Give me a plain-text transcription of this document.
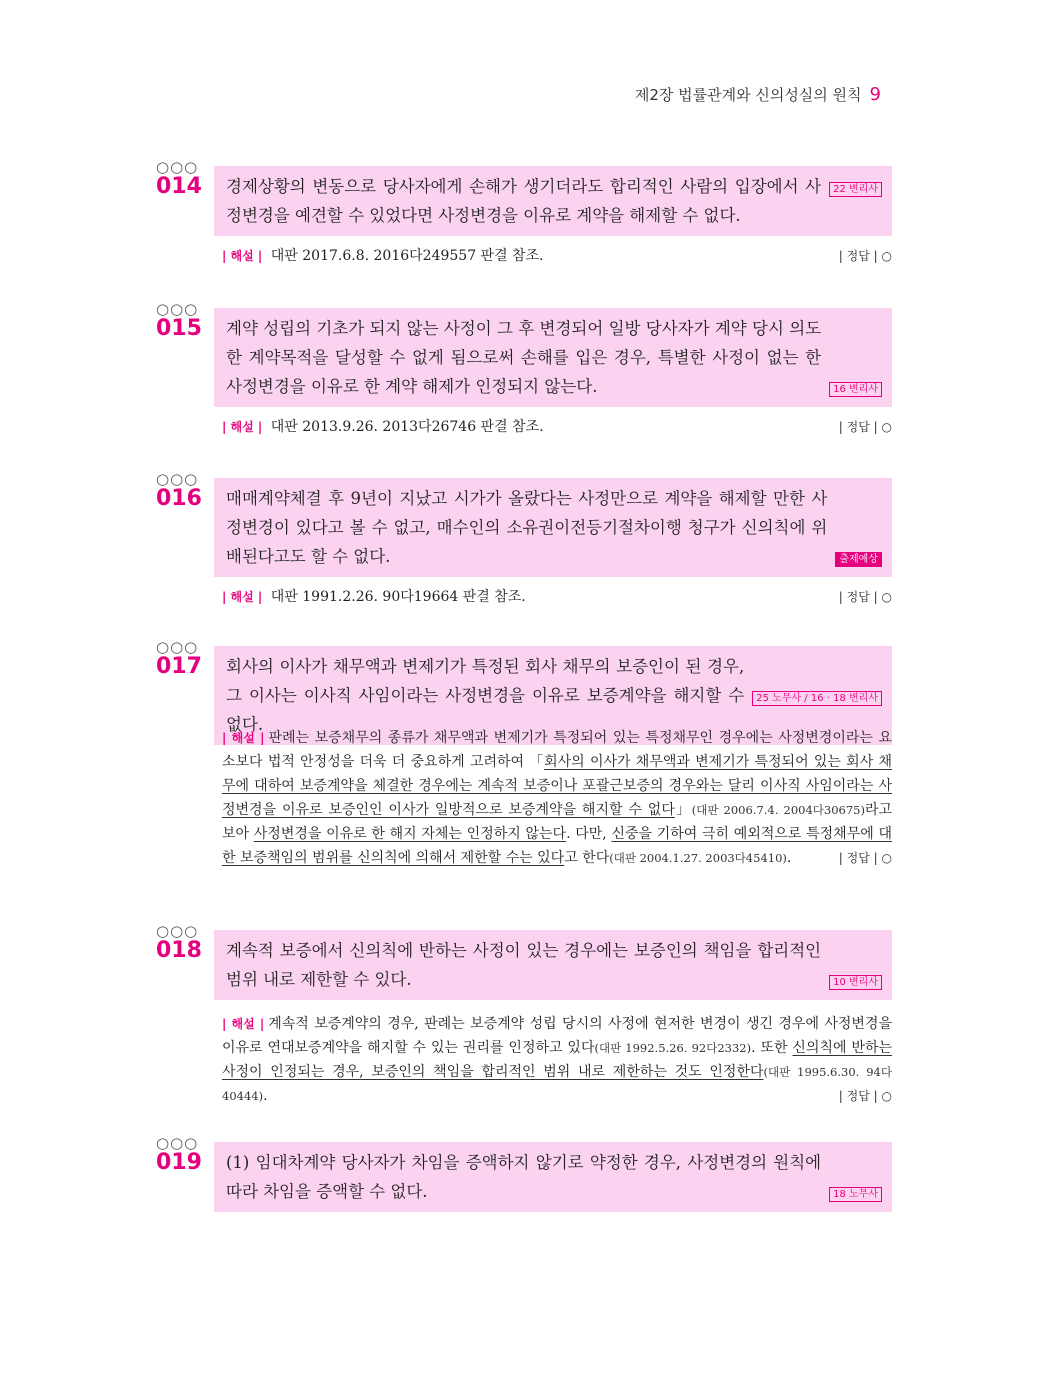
제2장 법률관계와 신의성실의 원칙 9
○○○
014	22 변리사
경제상황의 변동으로 당사자에게 손해가 생기더라도 합리적인 사람의 입장에서 사정변경을 예견할 수 있었다면 사정변경을 이유로 계약을 해제할 수 없다.
| 정답 | ○
| 해설 | 대판 2017.6.8. 2016다249557 판결 참조.
○○○
015
16 변리사
계약 성립의 기초가 되지 않는 사정이 그 후 변경되어 일방 당사자가 계약 당시 의도한 계약목적을 달성할 수 없게 됨으로써 손해를 입은 경우, 특별한 사정이 없는 한 사정변경을 이유로 한 계약 해제가 인정되지 않는다.
| 정답 | ○
| 해설 | 대판 2013.9.26. 2013다26746 판결 참조.
○○○
016
출제예상
매매계약체결 후 9년이 지났고 시가가 올랐다는 사정만으로 계약을 해제할 만한 사정변경이 있다고 볼 수 없고, 매수인의 소유권이전등기절차이행 청구가 신의칙에 위배된다고도 할 수 없다.
| 정답 | ○
| 해설 | 대판 1991.2.26. 90다19664 판결 참조.
○○○
017
25 노무사 / 16 · 18 변리사
회사의 이사가 채무액과 변제기가 특정된 회사 채무의 보증인이 된 경우, 그 이사는 이사직 사임이라는 사정변경을 이유로 보증계약을 해지할 수 없다.
| 해설 | 판례는 보증채무의 종류가 채무액과 변제기가 특정되어 있는 특정채무인 경우에는 사정변경이라는 요소보다 법적 안정성을 더욱 더 중요하게 고려하여 「회사의 이사가 채무액과 변제기가 특정되어 있는 회사 채무에 대하여 보증계약을 체결한 경우에는 계속적 보증이나 포괄근보증의 경우와는 달리 이사직 사임이라는 사정변경을 이유로 보증인인 이사가 일방적으로 보증계약을 해지할 수 없다」(대판 2006.7.4. 2004다30675)라고 보아 사정변경을 이유로 한 해지 자체는 인정하지 않는다. 다만, 신중을 기하여 극히 예외적으로 특정채무에 대한 보증책임의 범위를 신의칙에 의해서 제한할 수는 있다고 한다(대판 2004.1.27. 2003다45410).	| 정답 | ○
○○○
018
10 변리사
계속적 보증에서 신의칙에 반하는 사정이 있는 경우에는 보증인의 책임을 합리적인 범위 내로 제한할 수 있다.
| 해설 | 계속적 보증계약의 경우, 판례는 보증계약 성립 당시의 사정에 현저한 변경이 생긴 경우에 사정변경을 이유로 연대보증계약을 해지할 수 있는 권리를 인정하고 있다(대판 1992.5.26. 92다2332). 또한 신의칙에 반하는 사정이 인정되는 경우, 보증인의 책임을 합리적인 범위 내로 제한하는 것도 인정한다(대판 1995.6.30. 94다40444).	| 정답 | ○
○○○
019
18 노무사
(1) 임대차계약 당사자가 차임을 증액하지 않기로 약정한 경우, 사정변경의 원칙에 따라 차임을 증액할 수 없다.
